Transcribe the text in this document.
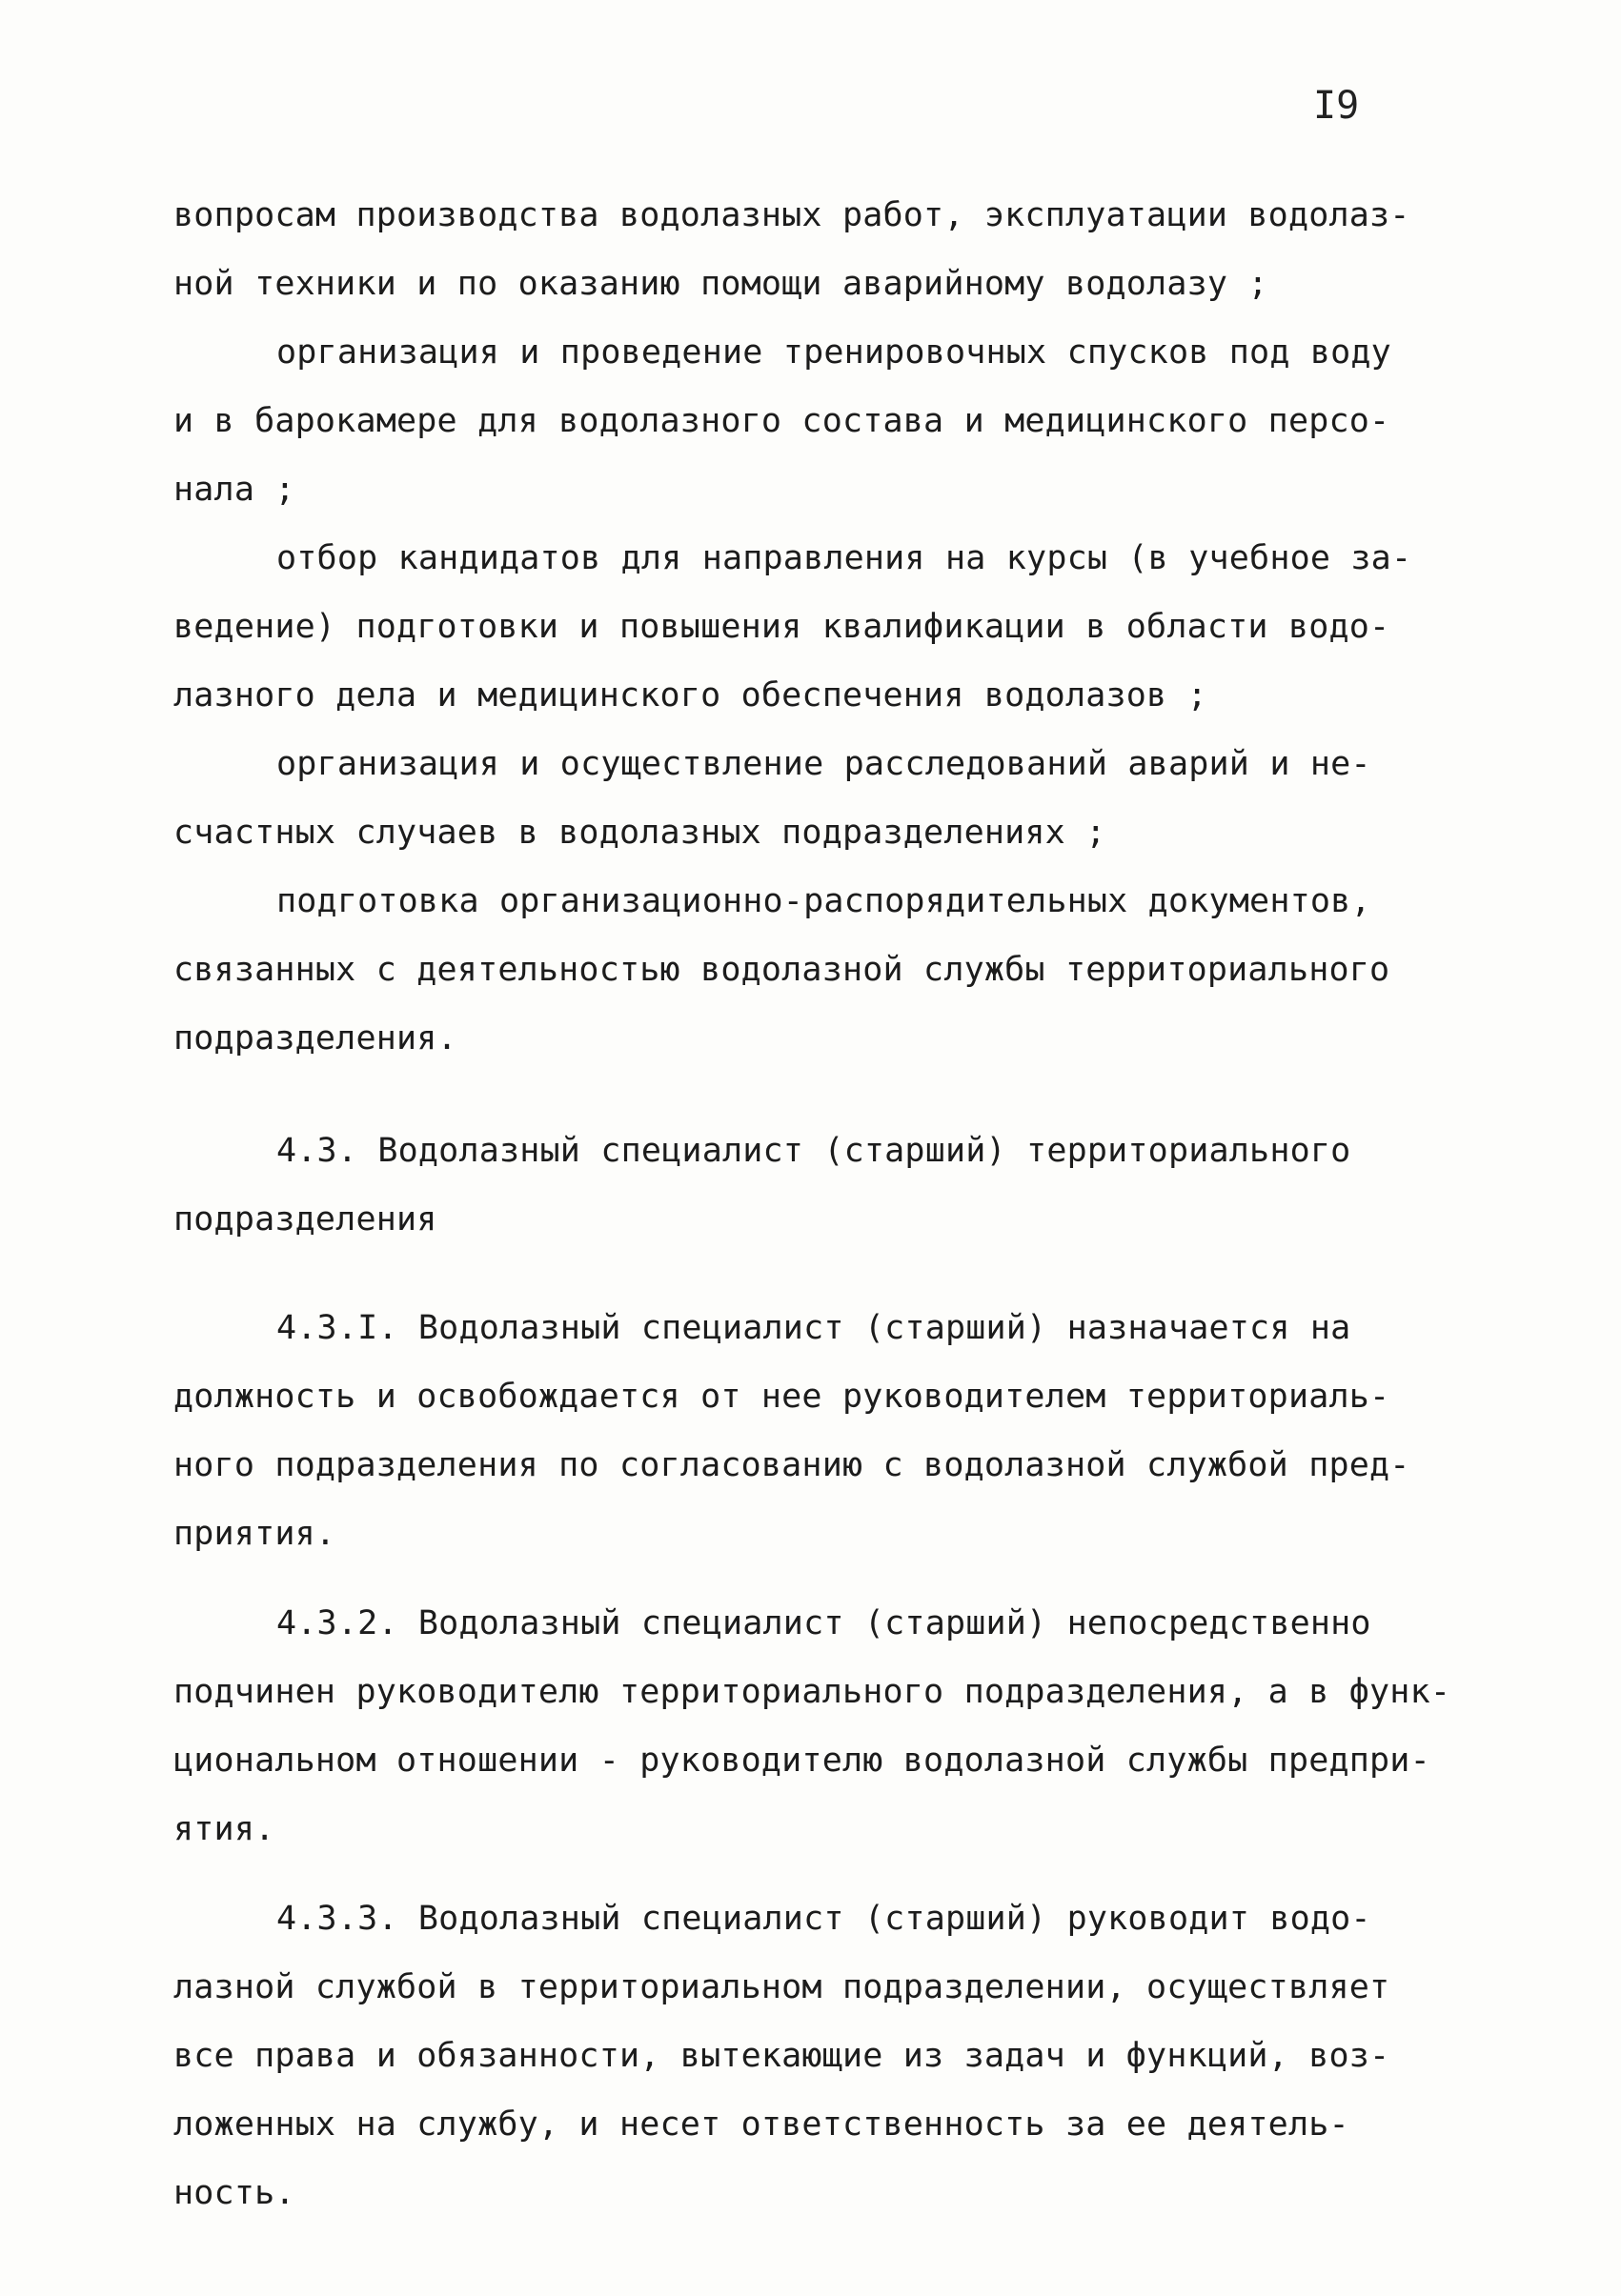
I9
вопросам производства водолазных работ, эксплуатации водолаз-
ной техники и по оказанию помощи аварийному водолазу ;
организация и проведение тренировочных спусков под воду
и в барокамере для водолазного состава и медицинского персо-
нала ;
отбор кандидатов для направления на курсы (в учебное за-
ведение) подготовки и повышения квалификации в области водо-
лазного дела и медицинского обеспечения водолазов ;
организация и осуществление расследований аварий и не-
счастных случаев в водолазных подразделениях ;
подготовка организационно-распорядительных документов,
связанных с деятельностью водолазной службы территориального
подразделения.
4.3. Водолазный специалист (старший) территориального
подразделения
4.3.I. Водолазный специалист (старший) назначается на
должность и освобождается от нее руководителем территориаль-
ного подразделения по согласованию с водолазной службой пред-
приятия.
4.3.2. Водолазный специалист (старший) непосредственно
подчинен руководителю территориального подразделения, а в функ-
циональном отношении - руководителю водолазной службы предпри-
ятия.
4.3.3. Водолазный специалист (старший) руководит водо-
лазной службой в территориальном подразделении, осуществляет
все права и обязанности, вытекающие из задач и функций, воз-
ложенных на службу, и несет ответственность за ее деятель-
ность.
